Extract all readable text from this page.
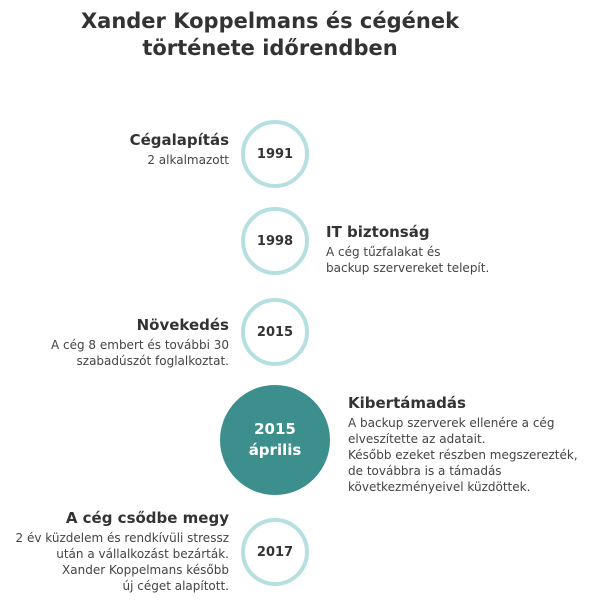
Xander Koppelmans és cégének
története időrendben
1991
Cégalapítás
2 alkalmazott
1998 IT biztonság
A cég tűzfalakat és
backup szervereket telepít.
2015
Növekedés
A cég 8 embert és további 30
szabadúszót foglalkoztat.
2015
április
Kibertámadás
A backup szerverek ellenére a cég
elveszítette az adatait.
Később ezeket részben megszerezték,
de továbbra is a támadás
következményeivel küzdöttek.
2017
A cég csődbe megy
2 év küzdelem és rendkívüli stressz
után a vállalkozást bezárták.
Xander Koppelmans később
új céget alapított.
